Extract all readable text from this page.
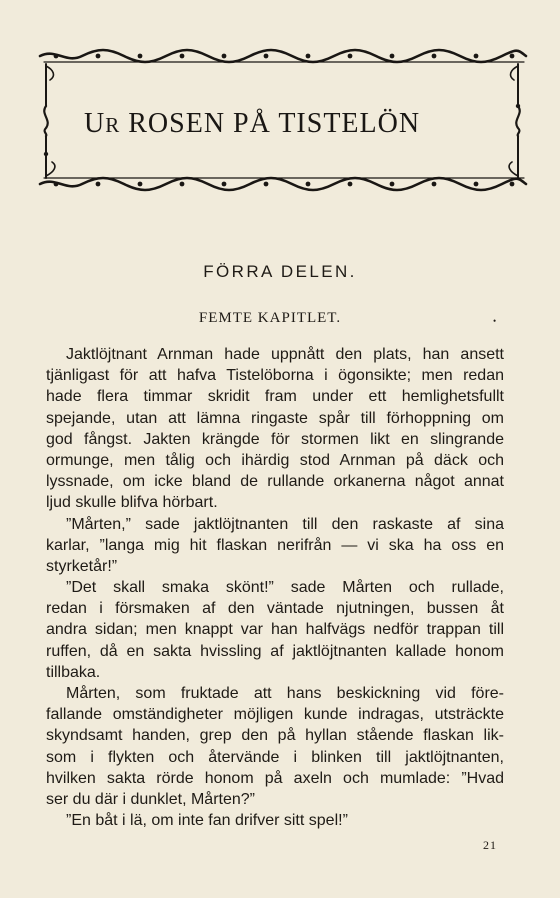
UR ROSEN PÅ TISTELÖN
FÖRRA DELEN.
FEMTE KAPITLET.	•
Jaktlöjtnant Arnman hade uppnått den plats, han ansett
tjänligast för att hafva Tistelöborna i ögonsikte; men redan
hade flera timmar skridit fram under ett hemlighetsfullt
spejande, utan att lämna ringaste spår till förhoppning om
god fångst. Jakten krängde för stormen likt en slingrande
ormunge, men tålig och ihärdig stod Arnman på däck och
lyssnade, om icke bland de rullande orkanerna något annat
ljud skulle blifva hörbart.
”Mårten,” sade jaktlöjtnanten till den raskaste af sina
karlar, ”langa mig hit flaskan nerifrån — vi ska ha oss en
styrketår!”
”Det skall smaka skönt!” sade Mårten och rullade,
redan i försmaken af den väntade njutningen, bussen åt
andra sidan; men knappt var han halfvägs nedför trappan till
ruffen, då en sakta hvissling af jaktlöjtnanten kallade honom
tillbaka.
Mårten, som fruktade att hans beskickning vid före-
fallande omständigheter möjligen kunde indragas, utsträckte
skyndsamt handen, grep den på hyllan stående flaskan lik-
som i flykten och återvände i blinken till jaktlöjtnanten,
hvilken sakta rörde honom på axeln och mumlade: ”Hvad
ser du där i dunklet, Mårten?”
”En båt i lä, om inte fan drifver sitt spel!”
21
